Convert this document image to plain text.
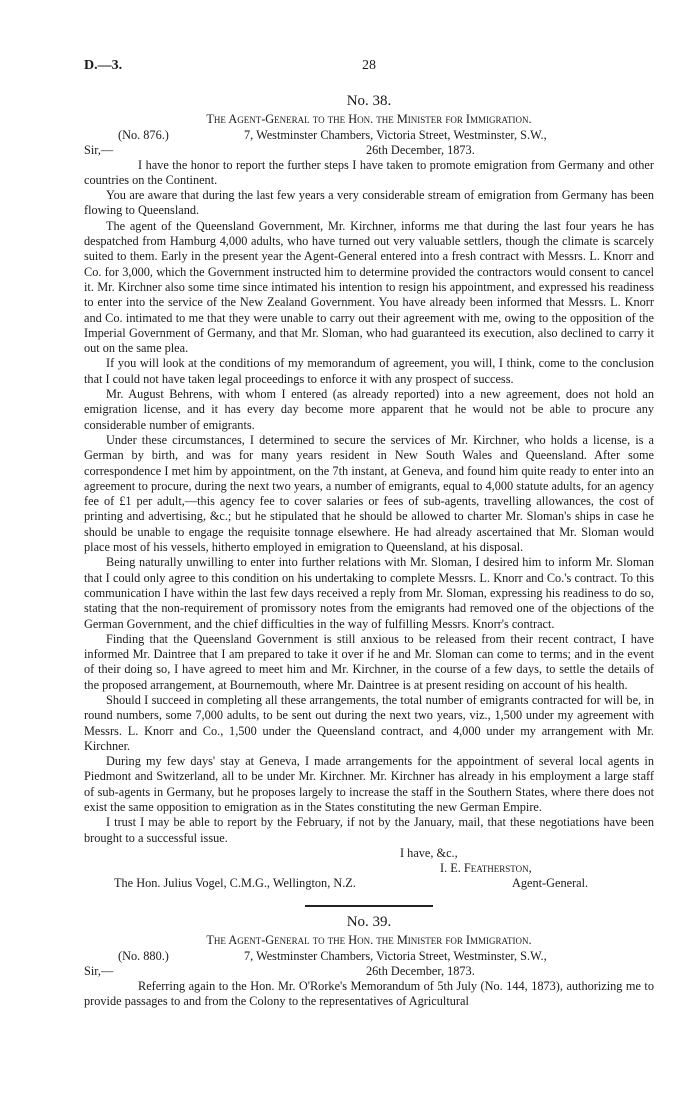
D.—3.	28
No. 38.
The Agent-General to the Hon. the Minister for Immigration.
(No. 876.)	7, Westminster Chambers, Victoria Street, Westminster, S.W.,
Sir,—	26th December, 1873.

I have the honor to report the further steps I have taken to promote emigration from Germany and other countries on the Continent.

You are aware that during the last few years a very considerable stream of emigration from Germany has been flowing to Queensland.

The agent of the Queensland Government, Mr. Kirchner, informs me that during the last four years he has despatched from Hamburg 4,000 adults, who have turned out very valuable settlers, though the climate is scarcely suited to them. Early in the present year the Agent-General entered into a fresh contract with Messrs. L. Knorr and Co. for 3,000, which the Government instructed him to determine provided the contractors would consent to cancel it. Mr. Kirchner also some time since intimated his intention to resign his appointment, and expressed his readiness to enter into the service of the New Zealand Government. You have already been informed that Messrs. L. Knorr and Co. intimated to me that they were unable to carry out their agreement with me, owing to the opposition of the Imperial Government of Germany, and that Mr. Sloman, who had guaranteed its execution, also declined to carry it out on the same plea.

If you will look at the conditions of my memorandum of agreement, you will, I think, come to the conclusion that I could not have taken legal proceedings to enforce it with any prospect of success.

Mr. August Behrens, with whom I entered (as already reported) into a new agreement, does not hold an emigration license, and it has every day become more apparent that he would not be able to procure any considerable number of emigrants.

Under these circumstances, I determined to secure the services of Mr. Kirchner, who holds a license, is a German by birth, and was for many years resident in New South Wales and Queensland. After some correspondence I met him by appointment, on the 7th instant, at Geneva, and found him quite ready to enter into an agreement to procure, during the next two years, a number of emigrants, equal to 4,000 statute adults, for an agency fee of £1 per adult,—this agency fee to cover salaries or fees of sub-agents, travelling allowances, the cost of printing and advertising, &c.; but he stipulated that he should be allowed to charter Mr. Sloman's ships in case he should be unable to engage the requisite tonnage elsewhere. He had already ascertained that Mr. Sloman would place most of his vessels, hitherto employed in emigration to Queensland, at his disposal.

Being naturally unwilling to enter into further relations with Mr. Sloman, I desired him to inform Mr. Sloman that I could only agree to this condition on his undertaking to complete Messrs. L. Knorr and Co.'s contract. To this communication I have within the last few days received a reply from Mr. Sloman, expressing his readiness to do so, stating that the non-requirement of promissory notes from the emigrants had removed one of the objections of the German Government, and the chief difficulties in the way of fulfilling Messrs. Knorr's contract.

Finding that the Queensland Government is still anxious to be released from their recent contract, I have informed Mr. Daintree that I am prepared to take it over if he and Mr. Sloman can come to terms; and in the event of their doing so, I have agreed to meet him and Mr. Kirchner, in the course of a few days, to settle the details of the proposed arrangement, at Bournemouth, where Mr. Daintree is at present residing on account of his health.

Should I succeed in completing all these arrangements, the total number of emigrants contracted for will be, in round numbers, some 7,000 adults, to be sent out during the next two years, viz., 1,500 under my agreement with Messrs. L. Knorr and Co., 1,500 under the Queensland contract, and 4,000 under my arrangement with Mr. Kirchner.

During my few days' stay at Geneva, I made arrangements for the appointment of several local agents in Piedmont and Switzerland, all to be under Mr. Kirchner. Mr. Kirchner has already in his employment a large staff of sub-agents in Germany, but he proposes largely to increase the staff in the Southern States, where there does not exist the same opposition to emigration as in the States constituting the new German Empire.

I trust I may be able to report by the February, if not by the January, mail, that these negotiations have been brought to a successful issue.

I have, &c.,
I. E. Featherston,
The Hon. Julius Vogel, C.M.G., Wellington, N.Z.	Agent-General.
No. 39.
The Agent-General to the Hon. the Minister for Immigration.
(No. 880.)	7, Westminster Chambers, Victoria Street, Westminster, S.W.,
Sir,—	26th December, 1873.

Referring again to the Hon. Mr. O'Rorke's Memorandum of 5th July (No. 144, 1873), authorizing me to provide passages to and from the Colony to the representatives of Agricultural
